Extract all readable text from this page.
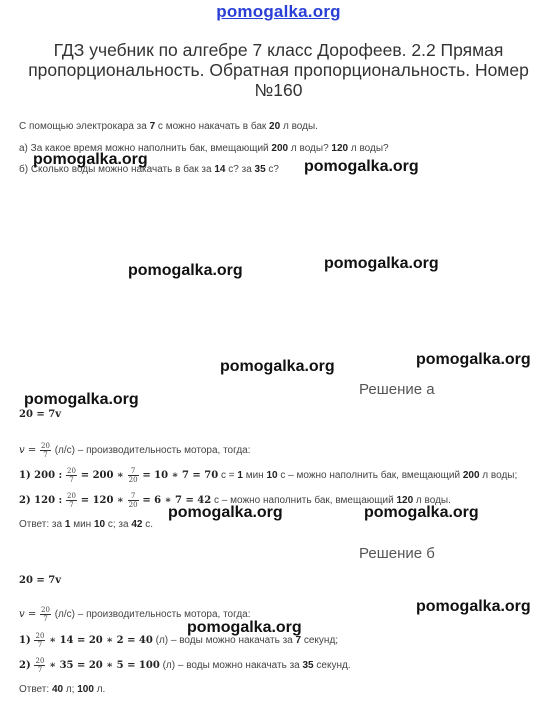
pomogalka.org
ГДЗ учебник по алгебре 7 класс Дорофеев. 2.2 Прямая пропорциональность. Обратная пропорциональность. Номер №160
С помощью электрокара за 7 с можно накачать в бак 20 л воды.
а) За какое время можно наполнить бак, вмещающий 200 л воды? 120 л воды?
б) Сколько воды можно накачать в бак за 14 с? за 35 с?
Решение а
20 = 7v
$v = \frac{20}{7} (л/с)$ – производительность мотора, тогда:
1) 200 : $\frac{20}{7} = 200$ ∗ $\frac{7}{20} = 10$ ∗ 7 = 70 с = 1 мин 10 с – можно наполнить бак, вмещающий 200 л воды;
2) 120 : $\frac{20}{7} = 120$ ∗ $\frac{7}{20} = 6$ ∗ 7 = 42 с – можно наполнить бак, вмещающий 120 л воды.
Ответ: за 1 мин 10 с; за 42 с.
Решение б
20 = 7v
$v = \frac{20}{7} (л/с)$ – производительность мотора, тогда:
$1) \frac{20}{7}$ ∗ 14 = 20 ∗ 2 = 40 (л) – воды можно накачать за 7 секунд;
$2) \frac{20}{7}$ ∗ 35 = 20 ∗ 5 = 100 (л) – воды можно накачать за 35 секунд.
Ответ: 40 л; 100 л.
pomogalka.org	pomogalka.org
pomogalka.org	pomogalka.org
pomogalka.org	pomogalka.org
pomogalka.org
pomogalka.org	pomogalka.org
pomogalka.org
pomogalka.org
